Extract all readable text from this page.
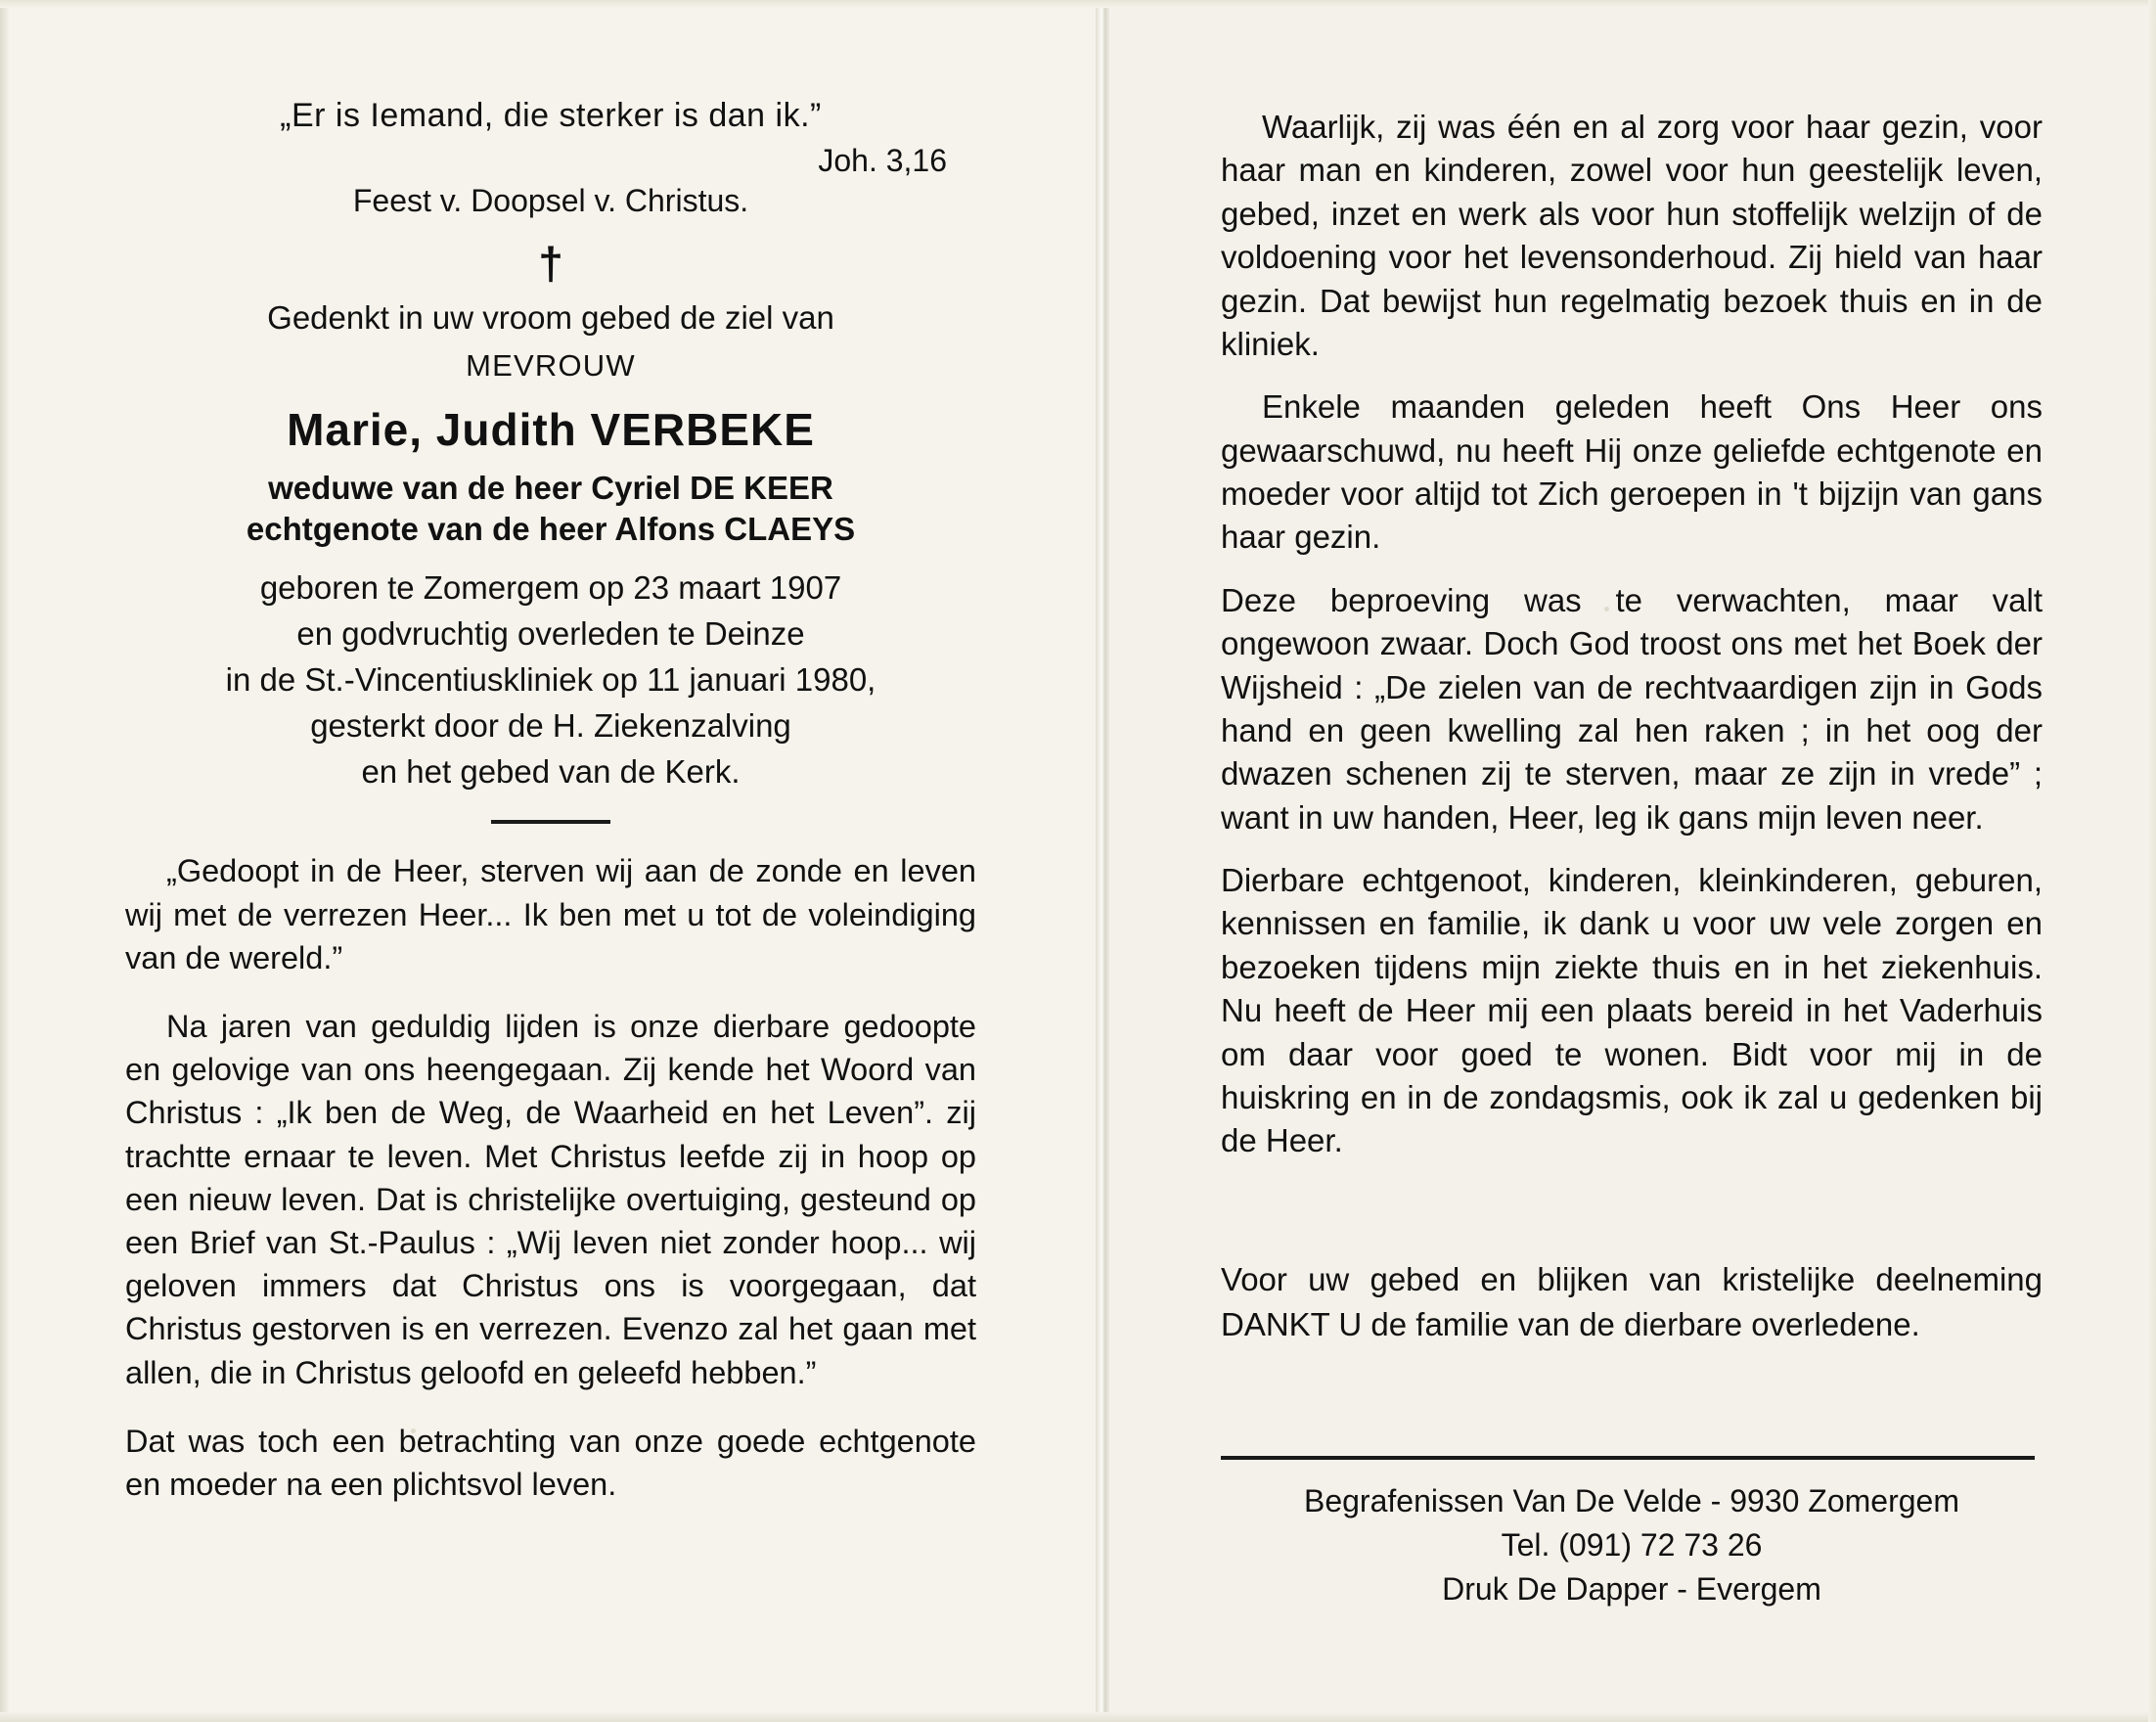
„Er is Iemand, die sterker is dan ik.”
Joh. 3,16
Feest v. Doopsel v. Christus.
†
Gedenkt in uw vroom gebed de ziel van
MEVROUW
Marie, Judith VERBEKE
weduwe van de heer Cyriel DE KEER
echtgenote van de heer Alfons CLAEYS
geboren te Zomergem op 23 maart 1907
en godvruchtig overleden te Deinze
in de St.-Vincentiuskliniek op 11 januari 1980,
gesterkt door de H. Ziekenzalving
en het gebed van de Kerk.

„Gedoopt in de Heer, sterven wij aan de zonde en leven wij met de verrezen Heer... Ik ben met u tot de voleindiging van de wereld.”

Na jaren van geduldig lijden is onze dierbare gedoopte en gelovige van ons heengegaan. Zij kende het Woord van Christus : „Ik ben de Weg, de Waarheid en het Leven”. zij trachtte ernaar te leven. Met Christus leefde zij in hoop op een nieuw leven. Dat is christelijke overtuiging, gesteund op een Brief van St.-Paulus : „Wij leven niet zonder hoop... wij geloven immers dat Christus ons is voorgegaan, dat Christus gestorven is en verrezen. Evenzo zal het gaan met allen, die in Christus geloofd en geleefd hebben.”

Dat was toch een betrachting van onze goede echtgenote en moeder na een plichtsvol leven.

Waarlijk, zij was één en al zorg voor haar gezin, voor haar man en kinderen, zowel voor hun geestelijk leven, gebed, inzet en werk als voor hun stoffelijk welzijn of de voldoening voor het levensonderhoud. Zij hield van haar gezin. Dat bewijst hun regelmatig bezoek thuis en in de kliniek.

Enkele maanden geleden heeft Ons Heer ons gewaarschuwd, nu heeft Hij onze geliefde echtgenote en moeder voor altijd tot Zich geroepen in 't bijzijn van gans haar gezin.

Deze beproeving was te verwachten, maar valt ongewoon zwaar. Doch God troost ons met het Boek der Wijsheid : „De zielen van de rechtvaardigen zijn in Gods hand en geen kwelling zal hen raken ; in het oog der dwazen schenen zij te sterven, maar ze zijn in vrede” ; want in uw handen, Heer, leg ik gans mijn leven neer.

Dierbare echtgenoot, kinderen, kleinkinderen, geburen, kennissen en familie, ik dank u voor uw vele zorgen en bezoeken tijdens mijn ziekte thuis en in het ziekenhuis. Nu heeft de Heer mij een plaats bereid in het Vaderhuis om daar voor goed te wonen. Bidt voor mij in de huiskring en in de zondagsmis, ook ik zal u gedenken bij de Heer.

Voor uw gebed en blijken van kristelijke deelneming DANKT U de familie van de dierbare overledene.

Begrafenissen Van De Velde - 9930 Zomergem
Tel. (091) 72 73 26
Druk De Dapper - Evergem
